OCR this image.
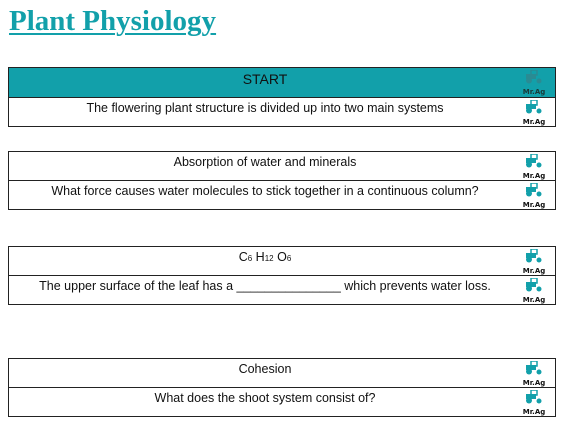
Plant Physiology
START
Mr.Ag
The flowering plant structure is divided up into two main systems
Mr.Ag
Absorption of water and minerals
Mr.Ag
What force causes water molecules to stick together in a continuous column?
Mr.Ag
C6 H12 O6
Mr.Ag
The upper surface of the leaf has a _______________ which prevents water loss.
Mr.Ag
Cohesion
Mr.Ag
What does the shoot system consist of?
Mr.Ag
